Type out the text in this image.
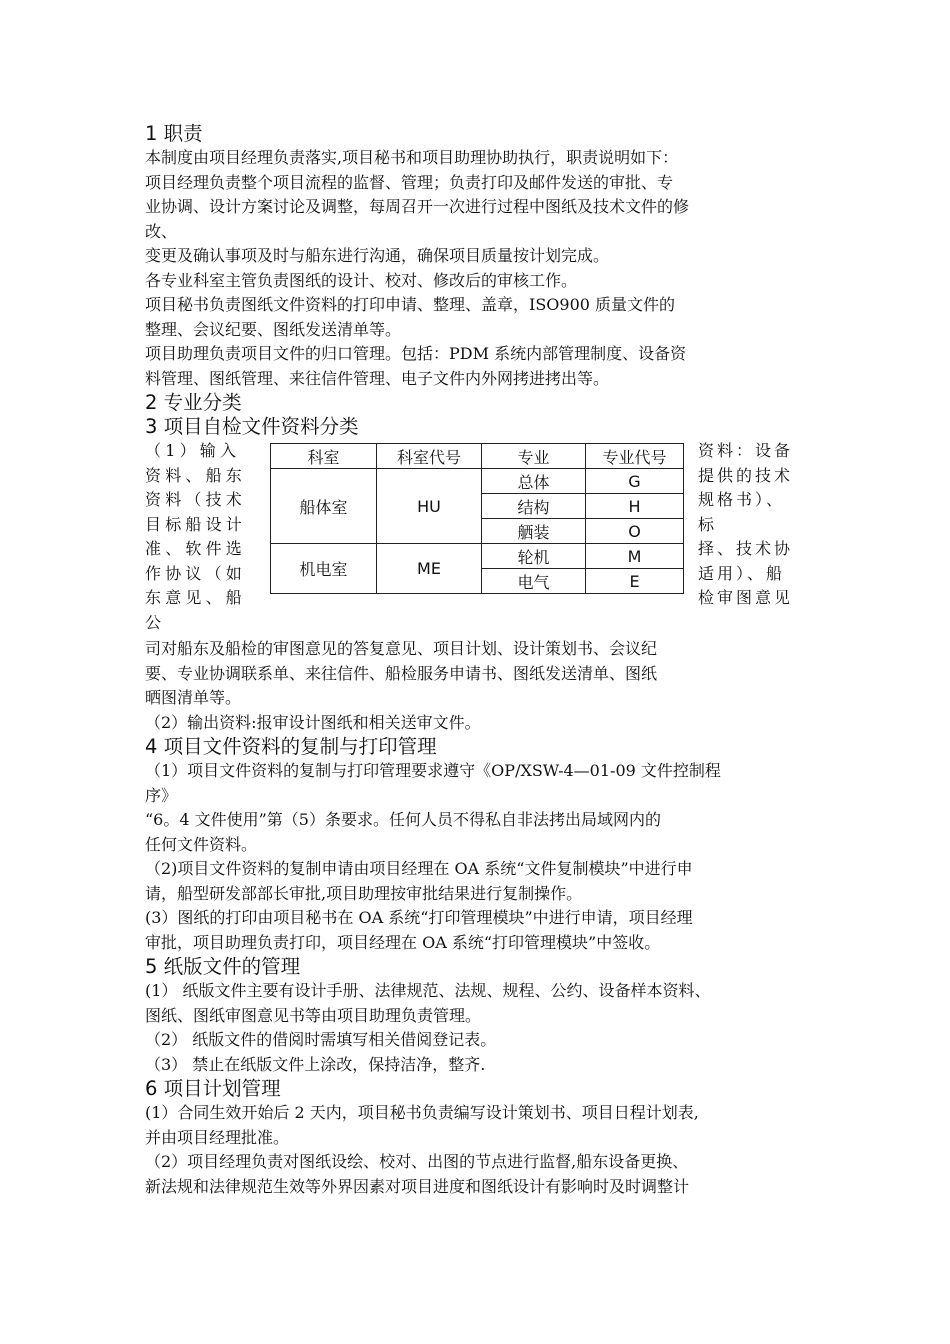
1 职责

本制度由项目经理负责落实,项目秘书和项目助理协助执行，职责说明如下：

项目经理负责整个项目流程的监督、管理；负责打印及邮件发送的审批、专

业协调、设计方案讨论及调整，每周召开一次进行过程中图纸及技术文件的修

改、

变更及确认事项及时与船东进行沟通，确保项目质量按计划完成。

各专业科室主管负责图纸的设计、校对、修改后的审核工作。

项目秘书负责图纸文件资料的打印申请、整理、盖章，ISO900 质量文件的

整理、会议纪要、图纸发送清单等。

项目助理负责项目文件的归口管理。包括：PDM 系统内部管理制度、设备资

料管理、图纸管理、来往信件管理、电子文件内外网拷进拷出等。

2 专业分类
3 项目自检文件资料分类
（1）输入
资料、船东
资料（技术
目标船设计
准、软件选
作协议（如
东意见、船
公
科室	科室代号	专业	专业代号
船体室	HU	总体	G
		结构	H
		舾装	O
机电室	ME	轮机	M
		电气	E
资料：设备
提供的技术
规格书）、
标
择、技术协
适用）、船
检审图意见

司对船东及船检的审图意见的答复意见、项目计划、设计策划书、会议纪

要、专业协调联系单、来往信件、船检服务申请书、图纸发送清单、图纸

晒图清单等。

（2）输出资料:报审设计图纸和相关送审文件。

4 项目文件资料的复制与打印管理

（1）项目文件资料的复制与打印管理要求遵守《OP/XSW-4—01-09 文件控制程

序》

“6。4 文件使用”第（5）条要求。任何人员不得私自非法拷出局域网内的

任何文件资料。

（2)项目文件资料的复制申请由项目经理在 OA 系统“文件复制模块”中进行申

请，船型研发部部长审批,项目助理按审批结果进行复制操作。

(3）图纸的打印由项目秘书在 OA 系统“打印管理模块”中进行申请，项目经理

审批，项目助理负责打印，项目经理在 OA 系统“打印管理模块”中签收。

5 纸版文件的管理

(1） 纸版文件主要有设计手册、法律规范、法规、规程、公约、设备样本资料、

图纸、图纸审图意见书等由项目助理负责管理。

（2） 纸版文件的借阅时需填写相关借阅登记表。

（3） 禁止在纸版文件上涂改，保持洁净，整齐.

6 项目计划管理

(1）合同生效开始后 2 天内，项目秘书负责编写设计策划书、项目日程计划表,

并由项目经理批准。

（2）项目经理负责对图纸设绘、校对、出图的节点进行监督,船东设备更换、

新法规和法律规范生效等外界因素对项目进度和图纸设计有影响时及时调整计
